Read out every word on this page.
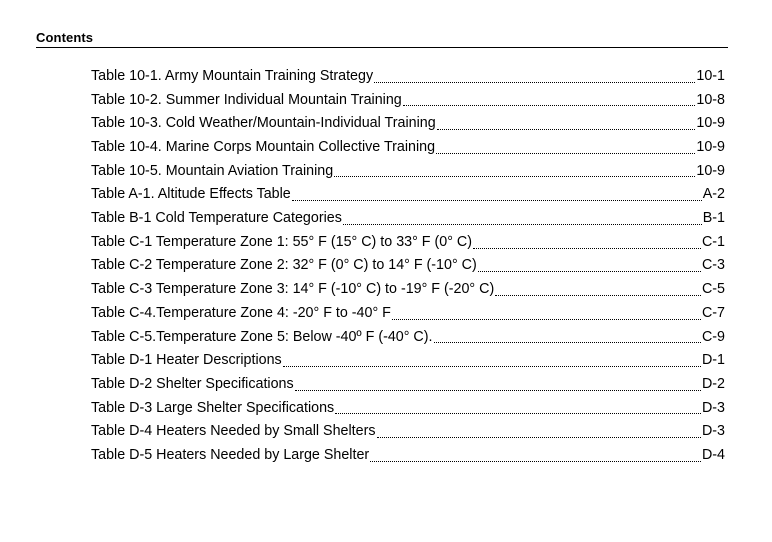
Contents
Table 10-1. Army Mountain Training Strategy	10-1
Table 10-2. Summer Individual Mountain Training	10-8
Table 10-3. Cold Weather/Mountain-Individual Training	10-9
Table 10-4. Marine Corps Mountain Collective Training	10-9
Table 10-5. Mountain Aviation Training	10-9
Table A-1. Altitude Effects Table	A-2
Table B-1 Cold Temperature Categories	B-1
Table C-1 Temperature Zone 1: 55° F (15° C) to 33° F (0° C)	C-1
Table C-2 Temperature Zone 2: 32° F (0° C) to 14° F (-10° C)	C-3
Table C-3 Temperature Zone 3: 14° F (-10° C) to -19° F (-20° C)	C-5
Table C-4.Temperature Zone 4: -20° F to -40° F	C-7
Table C-5.Temperature Zone 5: Below -40º F (-40° C).	C-9
Table D-1 Heater Descriptions	D-1
Table D-2 Shelter Specifications	D-2
Table D-3 Large Shelter Specifications	D-3
Table D-4 Heaters Needed by Small Shelters	D-3
Table D-5 Heaters Needed by Large Shelter	D-4
